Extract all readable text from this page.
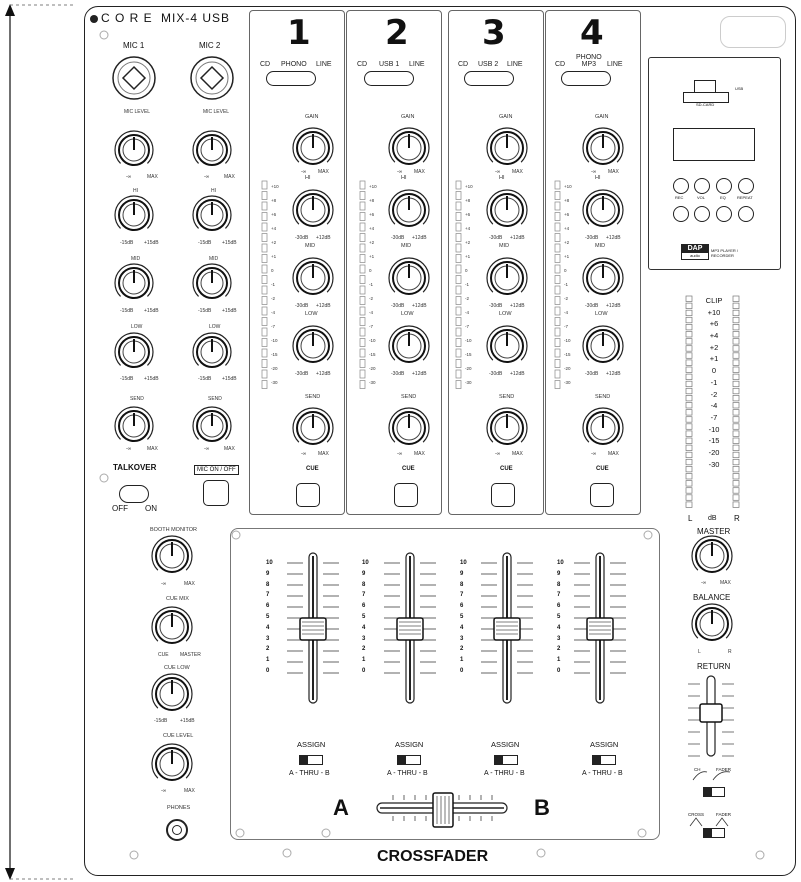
C O R E MIX-4 USB
+10
+8
+6
+4
+2
+1
0
-1
-2
-4
-7
-10
-15
-20
-30
+10
+8
+6
+4
+2
+1
0
-1
-2
-4
-7
-10
-15
-20
-30
+10
+8
+6
+4
+2
+1
0
-1
-2
-4
-7
-10
-15
-20
-30
+10
+8
+6
+4
+2
+1
0
-1
-2
-4
-7
-10
-15
-20
-30
1 2 3 4
CD PHONO LINE	CD USB 1 LINE	CD USB 2 LINE	CD
PHONO
MP3	LINE
MIC 1	MIC 2
MIC LEVEL	MIC LEVEL
-∞	MAX	-∞	MAX
HI	HI
-15dB +15dB	-15dB +15dB
MID	MID
-15dB +15dB	-15dB +15dB
LOW	LOW
-15dB +15dB	-15dB +15dB
SEND	SEND
-∞	MAX	-∞	MAX
TALKOVER
OFF ON
MIC ON / OFF
GAIN
HI
MID
LOW
SEND
-∞ MAX
-30dB +12dB
-30dB +12dB
-30dB +12dB
-∞ MAX
CUE
GAIN
HI
MID
LOW
SEND
-∞ MAX
-30dB +12dB
-30dB +12dB
-30dB +12dB
-∞ MAX
CUE
GAIN
HI
MID
LOW
SEND
-∞ MAX
-30dB +12dB
-30dB +12dB
-30dB +12dB
-∞ MAX
CUE
GAIN
HI
MID
LOW
SEND
-∞ MAX
-30dB +12dB
-30dB +12dB
-30dB +12dB
-∞ MAX
CUE
10
9
8
7
6
5
4
3
2
1
0
10
9
8
7
6
5
4
3
2
1
0
10
9
8
7
6
5
4
3
2
1
0
10
9
8
7
6
5
4
3
2
1
0
ASSIGN	ASSIGN	ASSIGN	ASSIGN
A - THRU - B	A - THRU - B	A - THRU - B	A - THRU - B
A	B
CROSSFADER
BOOTH MONITOR
-∞	MAX
CUE MIX
CUE MASTER
CUE LOW
-15dB	+15dB
CUE LEVEL
-∞	MAX
PHONES
USB
SD-CARD
REC	VOL	EQ	REPEAT
DAP
audio
MP3 PLAYER / RECORDER
CLIP
+10
+6
+4
+2
+1
0
-1
-2
-4
-7
-10
-15
-20
-30
L dB R
MASTER
-∞	MAX
BALANCE
L	R
RETURN
CH	FADER
CROSS	FADER
